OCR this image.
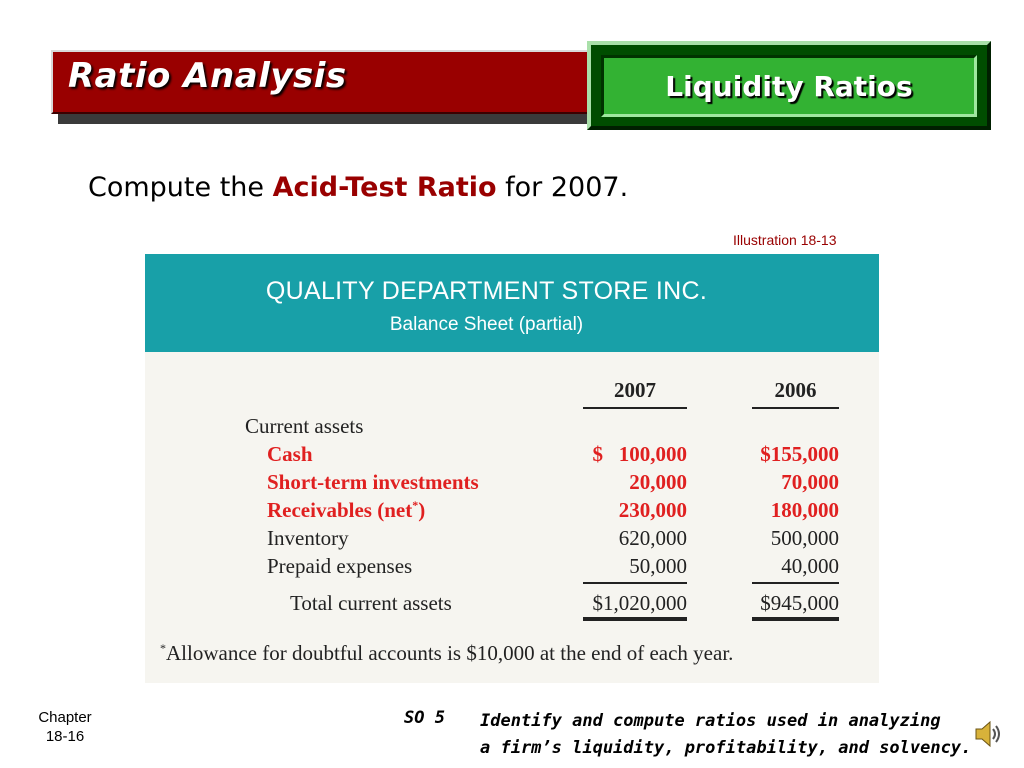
Ratio Analysis	Liquidity Ratios
Compute the Acid-Test Ratio for 2007.
Illustration 18-13
QUALITY DEPARTMENT STORE INC.
Balance Sheet (partial)
2007	2006
Current assets
Cash	$   100,000	$155,000
Short-term investments	20,000	70,000
Receivables (net*)	230,000	180,000
Inventory	620,000	500,000
Prepaid expenses	50,000	40,000
Total current assets	$1,020,000	$945,000
*Allowance for doubtful accounts is $10,000 at the end of each year.
Chapter
18-16
SO 5 Identify and compute ratios used in analyzing
a firm’s liquidity, profitability, and solvency.
